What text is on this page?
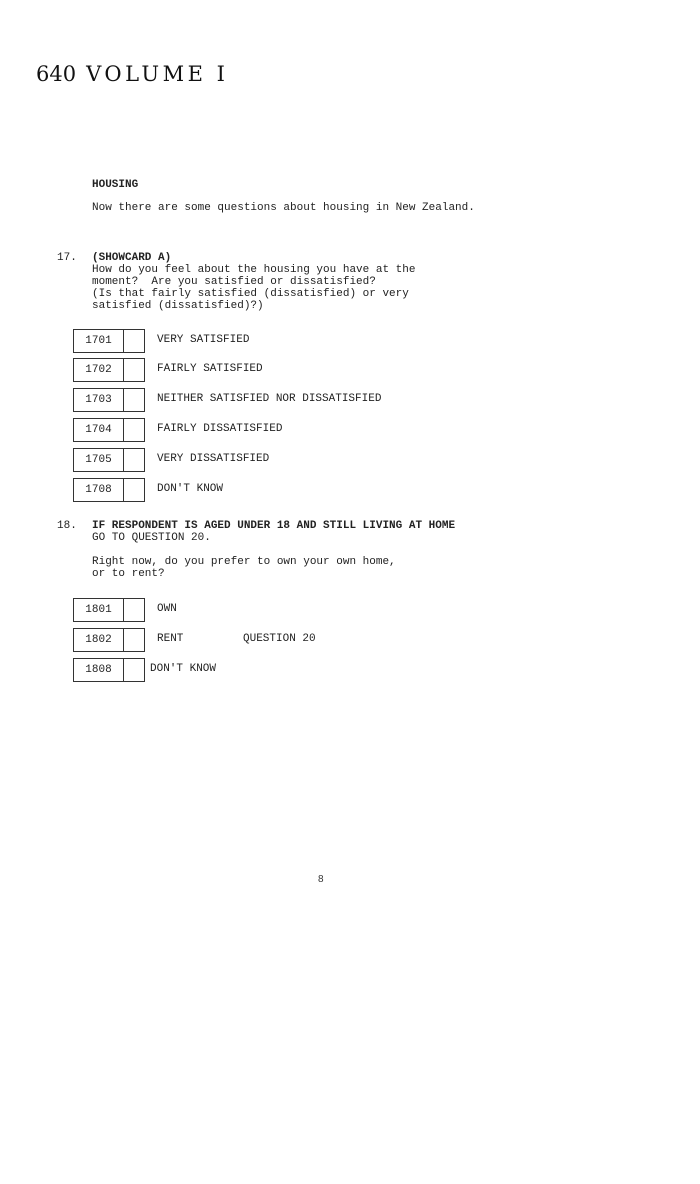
640 VOLUME I
HOUSING
Now there are some questions about housing in New Zealand.
17. (SHOWCARD A)
How do you feel about the housing you have at the
moment?  Are you satisfied or dissatisfied?
(Is that fairly satisfied (dissatisfied) or very
satisfied (dissatisfied)?)
1701	VERY SATISFIED
1702	FAIRLY SATISFIED
1703	NEITHER SATISFIED NOR DISSATISFIED
1704	FAIRLY DISSATISFIED
1705	VERY DISSATISFIED
1708	DON'T KNOW
18. IF RESPONDENT IS AGED UNDER 18 AND STILL LIVING AT HOME
GO TO QUESTION 20.
Right now, do you prefer to own your own home,
or to rent?
1801	OWN
1802	RENT	QUESTION 20
1808	DON'T KNOW
8
